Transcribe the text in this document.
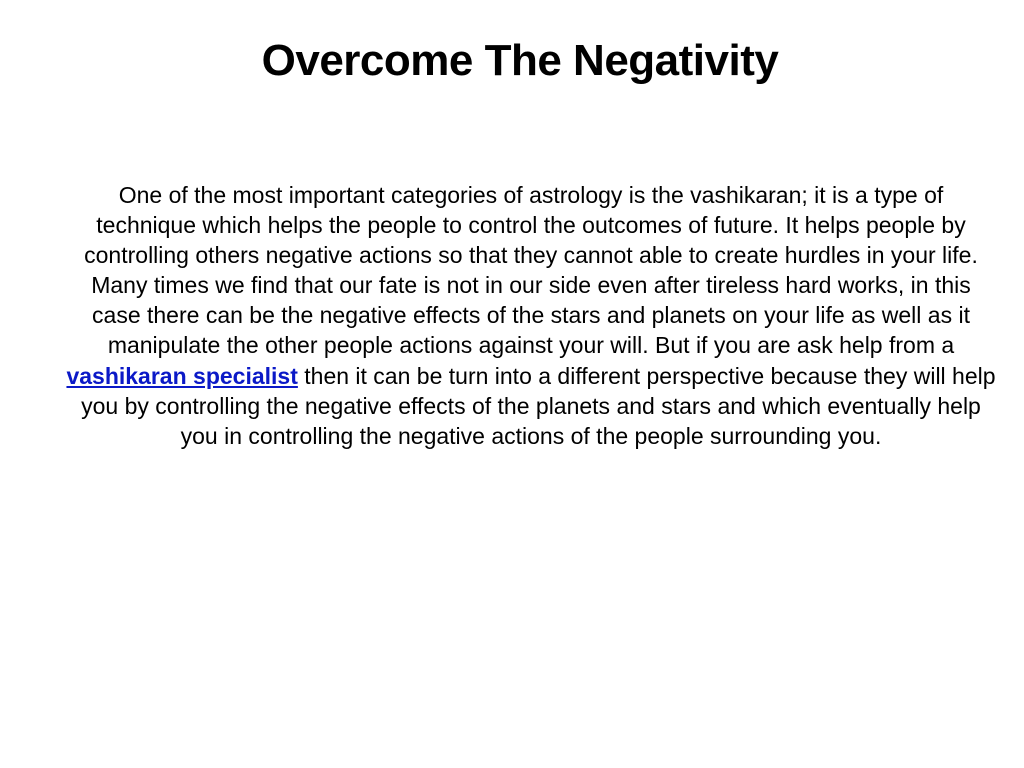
Overcome The Negativity

One of the most important categories of astrology is the vashikaran; it is a type of technique which helps the people to control the outcomes of future. It helps people by controlling others negative actions so that they cannot able to create hurdles in your life. Many times we find that our fate is not in our side even after tireless hard works, in this case there can be the negative effects of the stars and planets on your life as well as it manipulate the other people actions against your will. But if you are ask help from a vashikaran specialist then it can be turn into a different perspective because they will help you by controlling the negative effects of the planets and stars and which eventually help you in controlling the negative actions of the people surrounding you.
